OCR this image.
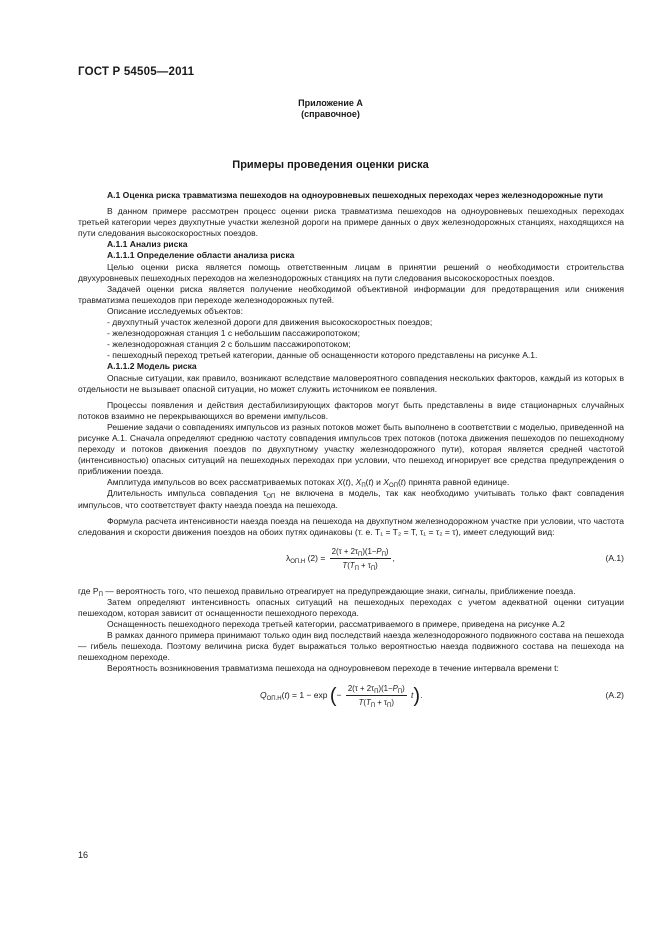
ГОСТ Р 54505—2011
Приложение А
(справочное)
Примеры проведения оценки риска

А.1 Оценка риска травматизма пешеходов на одноуровневых пешеходных переходах через железнодорожные пути

В данном примере рассмотрен процесс оценки риска травматизма пешеходов на одноуровневых пешеходных переходах третьей категории через двухпутные участки железной дороги на примере данных о двух железнодорожных станциях, находящихся на пути следования высокоскоростных поездов.

А.1.1 Анализ риска

А.1.1.1 Определение области анализа риска

Целью оценки риска является помощь ответственным лицам в принятии решений о необходимости строительства двухуровневых пешеходных переходов на железнодорожных станциях на пути следования высокоскоростных поездов.

Задачей оценки риска является получение необходимой объективной информации для предотвращения или снижения травматизма пешеходов при переходе железнодорожных путей.

Описание исследуемых объектов:

- двухпутный участок железной дороги для движения высокоскоростных поездов;

- железнодорожная станция 1 с небольшим пассажиропотоком;

- железнодорожная станция 2 с большим пассажиропотоком;

- пешеходный переход третьей категории, данные об оснащенности которого представлены на рисунке А.1.

А.1.1.2 Модель риска

Опасные ситуации, как правило, возникают вследствие маловероятного совпадения нескольких факторов, каждый из которых в отдельности не вызывает опасной ситуации, но может служить источником ее появления.

Процессы появления и действия дестабилизирующих факторов могут быть представлены в виде стационарных случайных потоков взаимно не перекрывающихся во времени импульсов.

Решение задачи о совпадениях импульсов из разных потоков может быть выполнено в соответствии с моделью, приведенной на рисунке А.1. Сначала определяют среднюю частоту совпадения импульсов трех потоков (потока движения пешеходов по пешеходному переходу и потоков движения поездов по двухпутному участку железнодорожного пути), которая является средней частотой (интенсивностью) опасных ситуаций на пешеходных переходах при условии, что пешеход игнорирует все средства предупреждения о приближении поезда.

Амплитуда импульсов во всех рассматриваемых потоках X(t), $X_П(t)$ и $X_{ОП}(t)$ принята равной единице.

Длительность импульса совпадения $\tau_{ОП}$ не включена в модель, так как необходимо учитывать только факт совпадения импульсов, что соответствует факту наезда поезда на пешехода.

Формула расчета интенсивности наезда поезда на пешехода на двухпутном железнодорожном участке при условии, что частота следования и скорости движения поездов на обоих путях одинаковы (т. е. T₁ = T₂ = T, τ₁ = τ₂ = τ), имеет следующий вид:

$\lambda_{ОП.Н}$ $(2) = \frac{2(\tau + 2\tau_П)(1-P_П)}{T(T_П + \tau_П)}$ ,	(А.1)

где $P_П$ — вероятность того, что пешеход правильно отреагирует на предупреждающие знаки, сигналы, приближение поезда.

Затем определяют интенсивность опасных ситуаций на пешеходных переходах с учетом адекватной оценки ситуации пешеходом, которая зависит от оснащенности пешеходного перехода.

Оснащенность пешеходного перехода третьей категории, рассматриваемого в примере, приведена на рисунке А.2

В рамках данного примера принимают только один вид последствий наезда железнодорожного подвижного состава на пешехода — гибель пешехода. Поэтому величина риска будет выражаться только вероятностью наезда подвижного состава на пешехода на пешеходном переходе.

Вероятность возникновения травматизма пешехода на одноуровневом переходе в течение интервала времени t:

$Q_{ОП.Н}(t) = 1 - \exp$ ( − $\frac{2(\tau + 2\tau_П)(1-P_П)}{T(T_П + \tau_П)}$ t ) .	(А.2)
16
